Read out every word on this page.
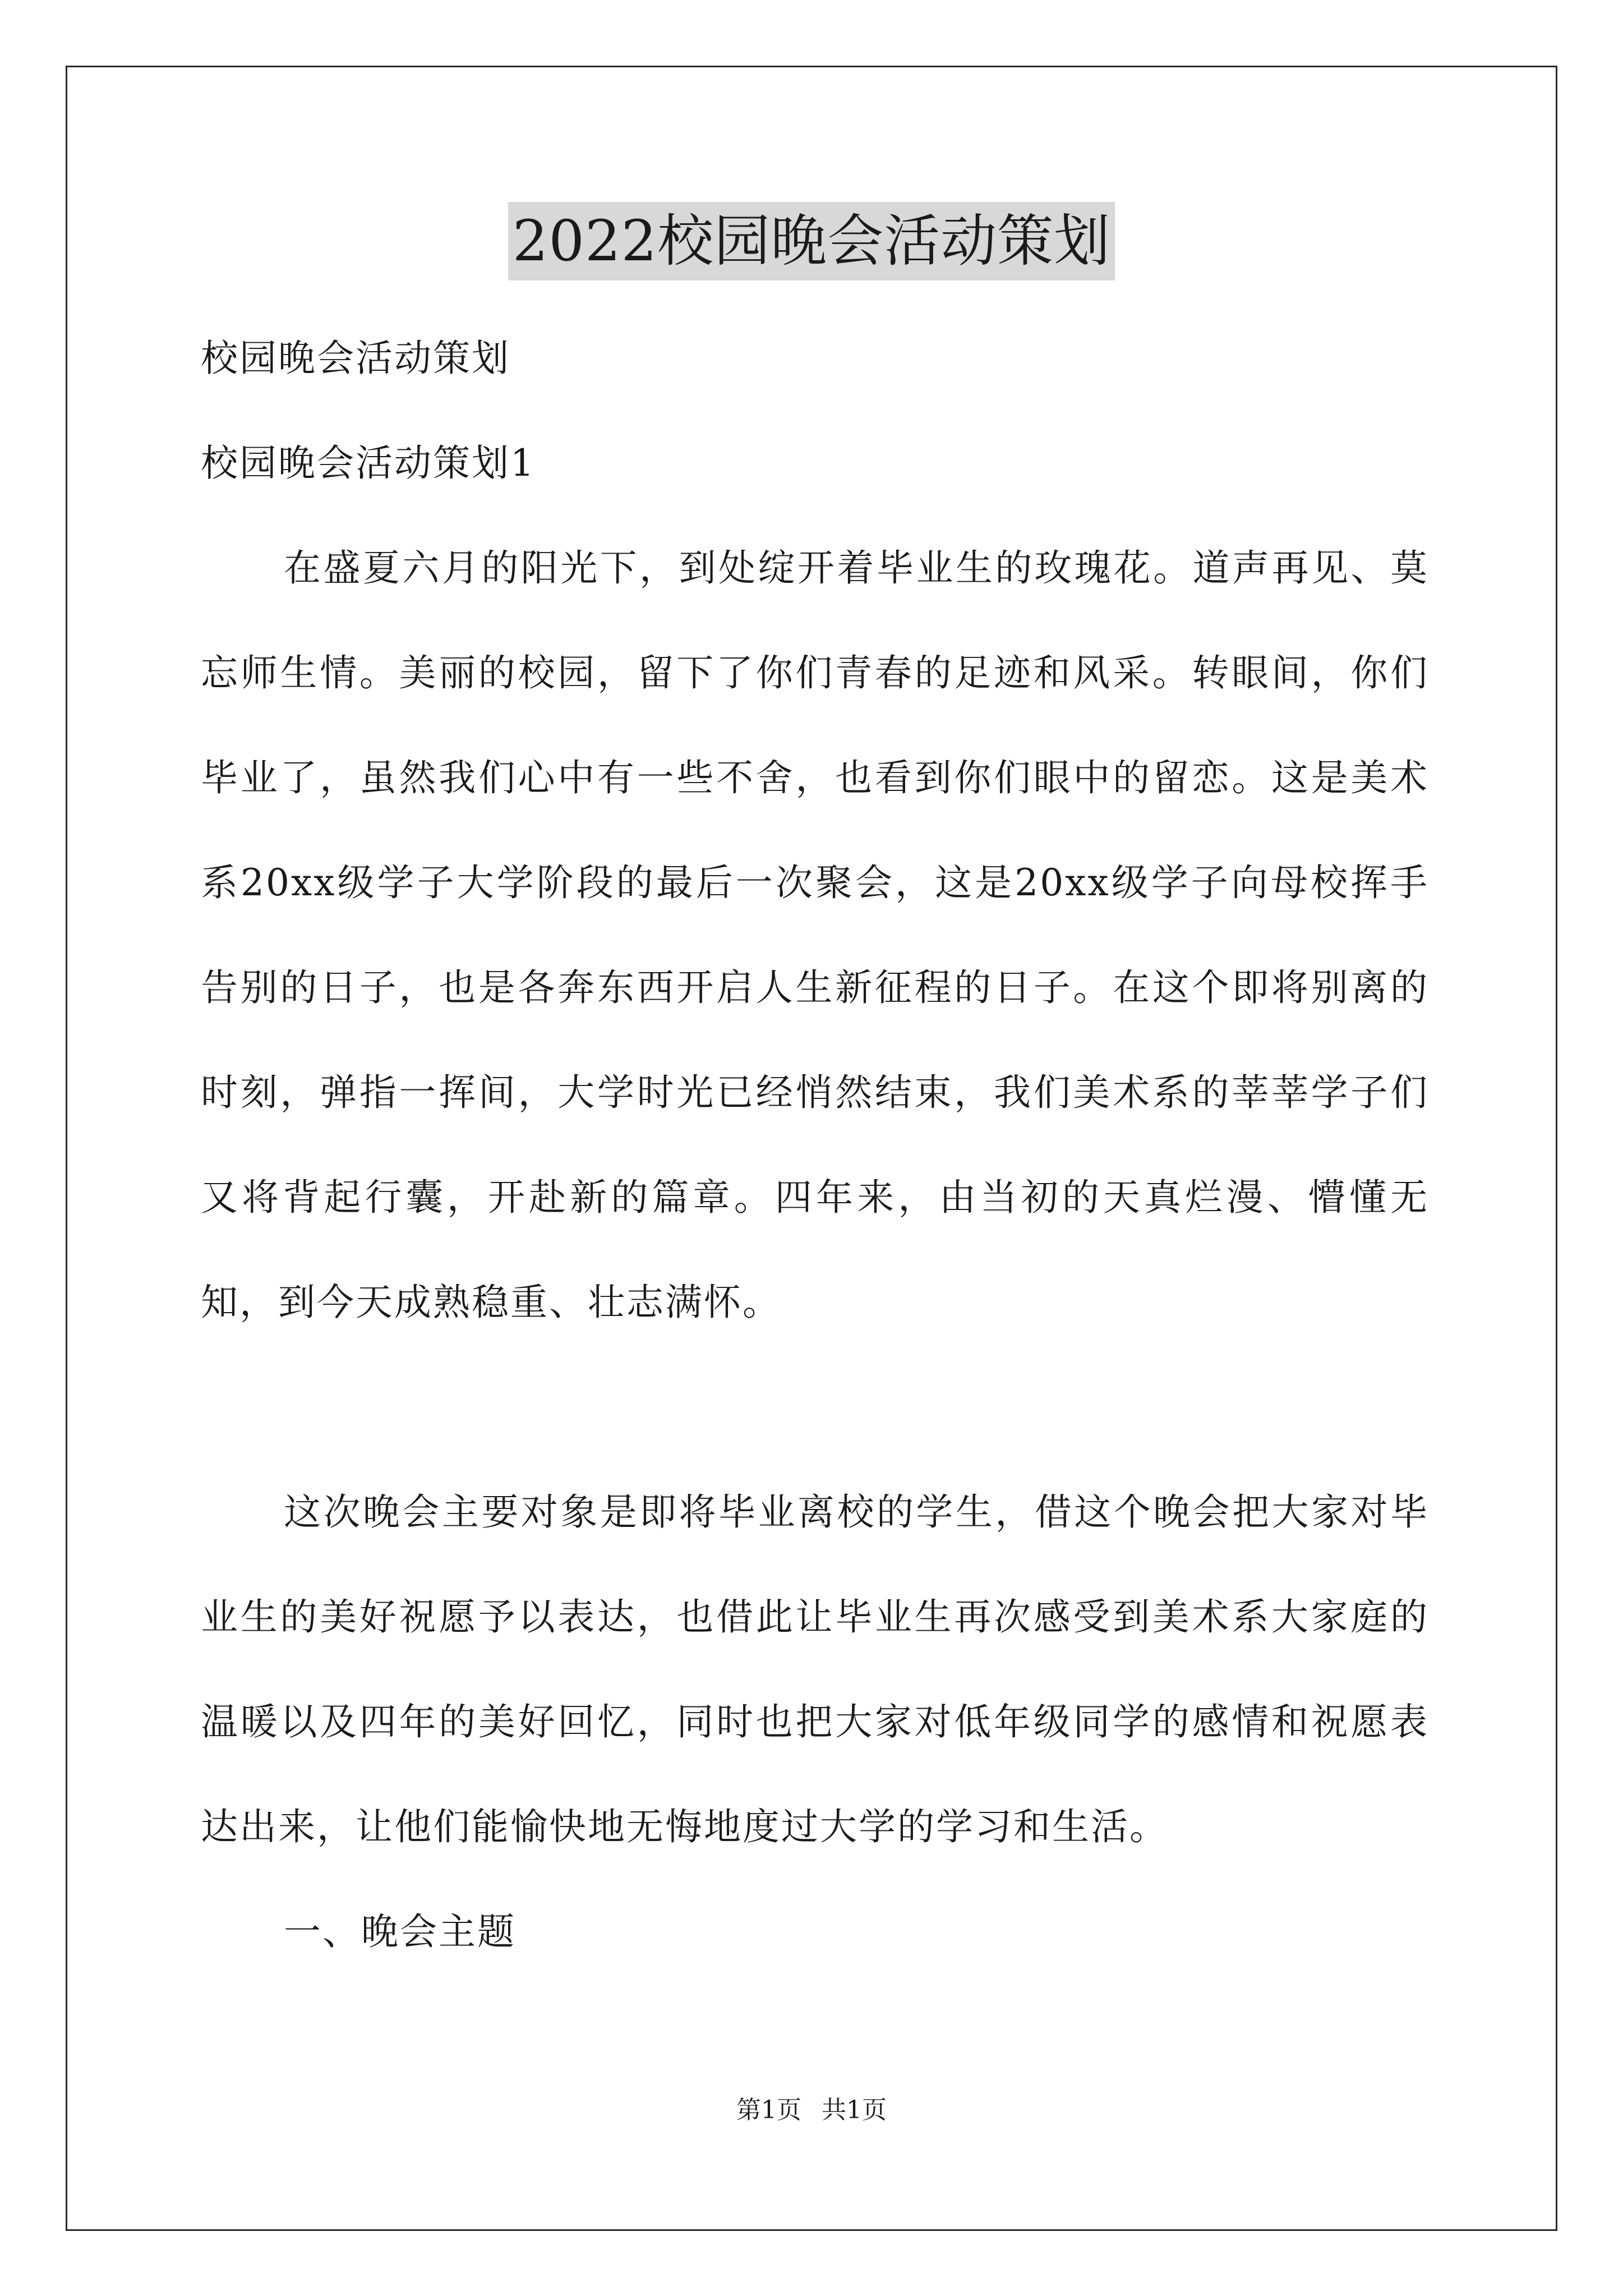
2022校园晚会活动策划

校园晚会活动策划

校园晚会活动策划1

在盛夏六月的阳光下，到处绽开着毕业生的玫瑰花。道声再见、莫忘师生情。美丽的校园，留下了你们青春的足迹和风采。转眼间，你们毕业了，虽然我们心中有一些不舍，也看到你们眼中的留恋。这是美术系20xx级学子大学阶段的最后一次聚会，这是20xx级学子向母校挥手告别的日子，也是各奔东西开启人生新征程的日子。在这个即将别离的时刻，弹指一挥间，大学时光已经悄然结束，我们美术系的莘莘学子们又将背起行囊，开赴新的篇章。四年来，由当初的天真烂漫、懵懂无知，到今天成熟稳重、壮志满怀。

这次晚会主要对象是即将毕业离校的学生，借这个晚会把大家对毕业生的美好祝愿予以表达，也借此让毕业生再次感受到美术系大家庭的温暖以及四年的美好回忆，同时也把大家对低年级同学的感情和祝愿表达出来，让他们能愉快地无悔地度过大学的学习和生活。

一、晚会主题

第1页 共1页
